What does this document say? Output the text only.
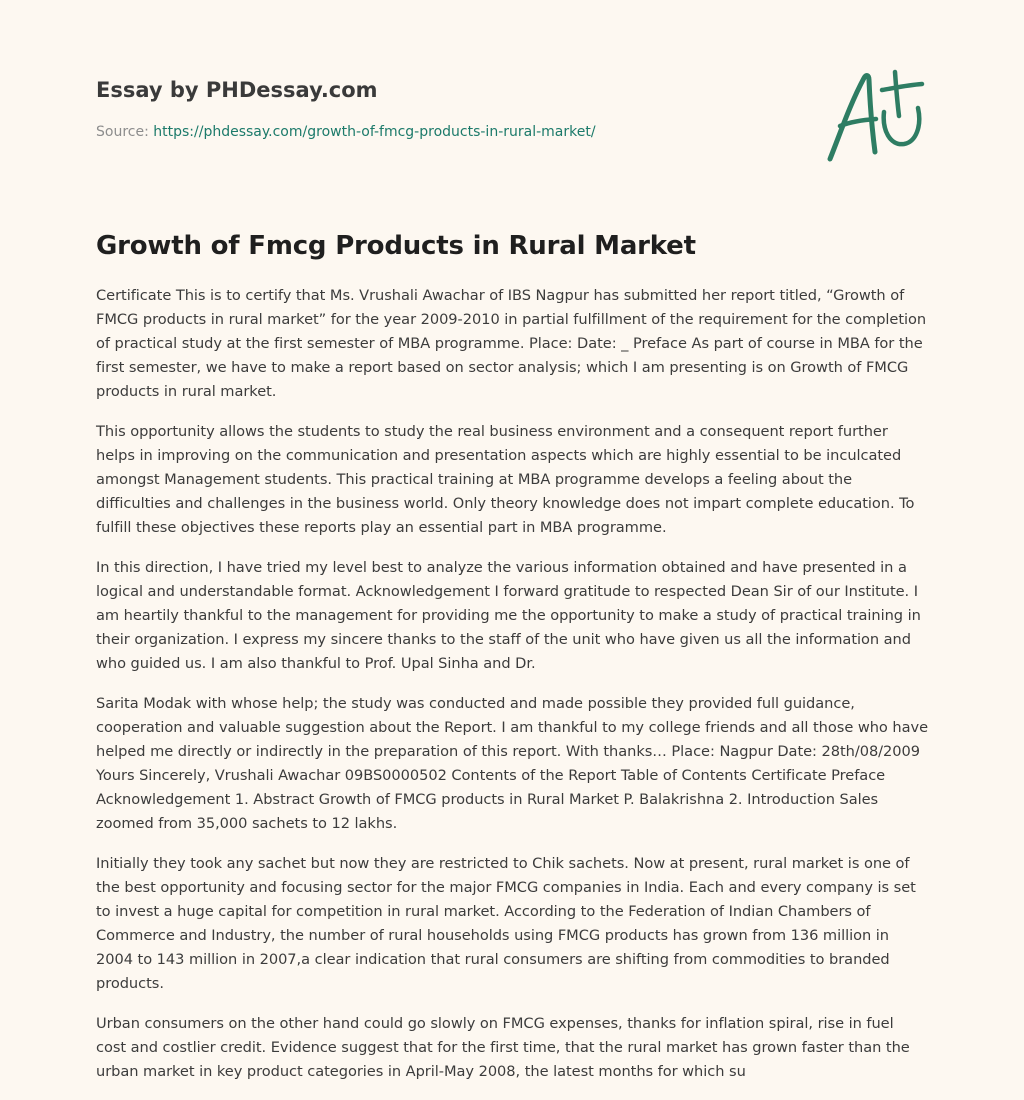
Essay by PHDessay.com
Source: https://phdessay.com/growth-of-fmcg-products-in-rural-market/
Growth of Fmcg Products in Rural Market

Certificate This is to certify that Ms. Vrushali Awachar of IBS Nagpur has submitted her report titled, “Growth of FMCG products in rural market” for the year 2009-2010 in partial fulfillment of the requirement for the completion of practical study at the first semester of MBA programme. Place: Date: _ Preface As part of course in MBA for the first semester, we have to make a report based on sector analysis; which I am presenting is on Growth of FMCG products in rural market.

This opportunity allows the students to study the real business environment and a consequent report further helps in improving on the communication and presentation aspects which are highly essential to be inculcated amongst Management students. This practical training at MBA programme develops a feeling about the difficulties and challenges in the business world. Only theory knowledge does not impart complete education. To fulfill these objectives these reports play an essential part in MBA programme.

In this direction, I have tried my level best to analyze the various information obtained and have presented in a logical and understandable format. Acknowledgement I forward gratitude to respected Dean Sir of our Institute. I am heartily thankful to the management for providing me the opportunity to make a study of practical training in their organization. I express my sincere thanks to the staff of the unit who have given us all the information and who guided us. I am also thankful to Prof. Upal Sinha and Dr.

Sarita Modak with whose help; the study was conducted and made possible they provided full guidance, cooperation and valuable suggestion about the Report. I am thankful to my college friends and all those who have helped me directly or indirectly in the preparation of this report. With thanks… Place: Nagpur Date: 28th/08/2009 Yours Sincerely, Vrushali Awachar 09BS0000502 Contents of the Report Table of Contents Certificate Preface Acknowledgement 1. Abstract Growth of FMCG products in Rural Market P. Balakrishna 2. Introduction Sales zoomed from 35,000 sachets to 12 lakhs.

Initially they took any sachet but now they are restricted to Chik sachets. Now at present, rural market is one of the best opportunity and focusing sector for the major FMCG companies in India. Each and every company is set to invest a huge capital for competition in rural market. According to the Federation of Indian Chambers of Commerce and Industry, the number of rural households using FMCG products has grown from 136 million in 2004 to 143 million in 2007,a clear indication that rural consumers are shifting from commodities to branded products.

Urban consumers on the other hand could go slowly on FMCG expenses, thanks for inflation spiral, rise in fuel cost and costlier credit. Evidence suggest that for the first time, that the rural market has grown faster than the urban market in key product categories in April-May 2008, the latest months for which su
